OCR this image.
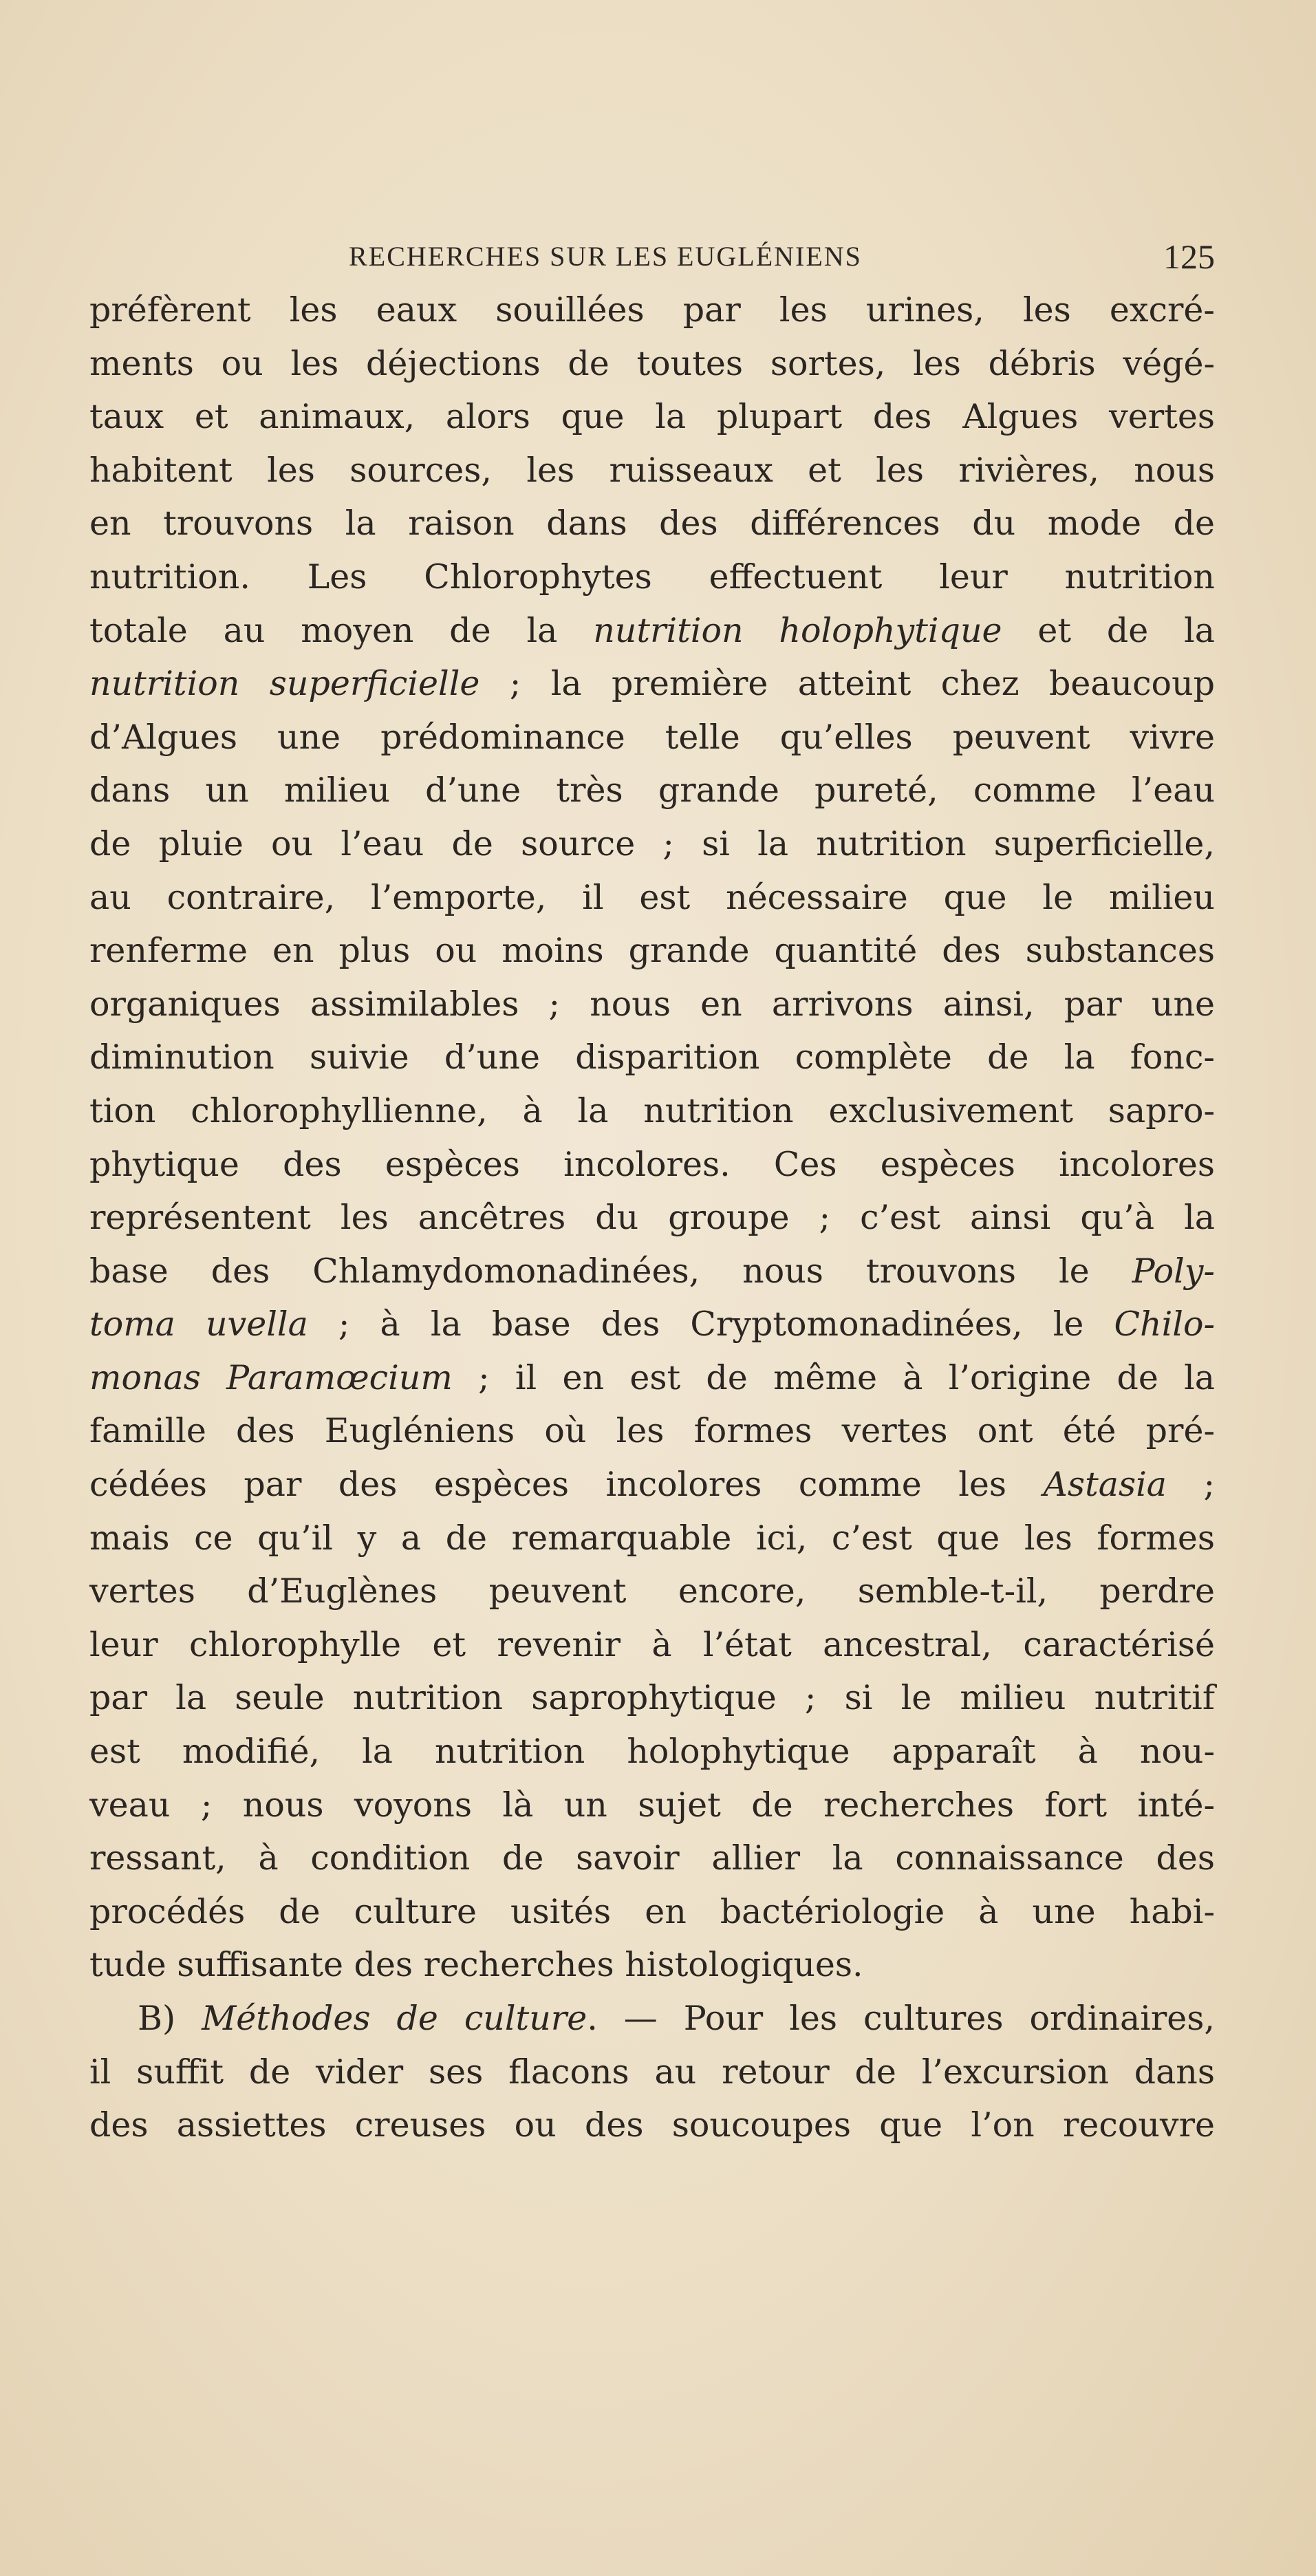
RECHERCHES SUR LES EUGLÉNIENS	125
préfèrent les eaux souillées par les urines, les excré-
ments ou les déjections de toutes sortes, les débris végé-
taux et animaux, alors que la plupart des Algues vertes
habitent les sources, les ruisseaux et les rivières, nous
en trouvons la raison dans des différences du mode de
nutrition. Les Chlorophytes effectuent leur nutrition
totale au moyen de la nutrition holophytique et de la
nutrition superficielle ; la première atteint chez beaucoup
d’Algues une prédominance telle qu’elles peuvent vivre
dans un milieu d’une très grande pureté, comme l’eau
de pluie ou l’eau de source ; si la nutrition superficielle,
au contraire, l’emporte, il est nécessaire que le milieu
renferme en plus ou moins grande quantité des substances
organiques assimilables ; nous en arrivons ainsi, par une
diminution suivie d’une disparition complète de la fonc-
tion chlorophyllienne, à la nutrition exclusivement sapro-
phytique des espèces incolores. Ces espèces incolores
représentent les ancêtres du groupe ; c’est ainsi qu’à la
base des Chlamydomonadinées, nous trouvons le Poly-
toma uvella ; à la base des Cryptomonadinées, le Chilo-
monas Paramœcium ; il en est de même à l’origine de la
famille des Eugléniens où les formes vertes ont été pré-
cédées par des espèces incolores comme les Astasia ;
mais ce qu’il y a de remarquable ici, c’est que les formes
vertes d’Euglènes peuvent encore, semble-t-il, perdre
leur chlorophylle et revenir à l’état ancestral, caractérisé
par la seule nutrition saprophytique ; si le milieu nutritif
est modifié, la nutrition holophytique apparaît à nou-
veau ; nous voyons là un sujet de recherches fort inté-
ressant, à condition de savoir allier la connaissance des
procédés de culture usités en bactériologie à une habi-
tude suffisante des recherches histologiques.
B) Méthodes de culture. — Pour les cultures ordinaires,
il suffit de vider ses flacons au retour de l’excursion dans
des assiettes creuses ou des soucoupes que l’on recouvre
